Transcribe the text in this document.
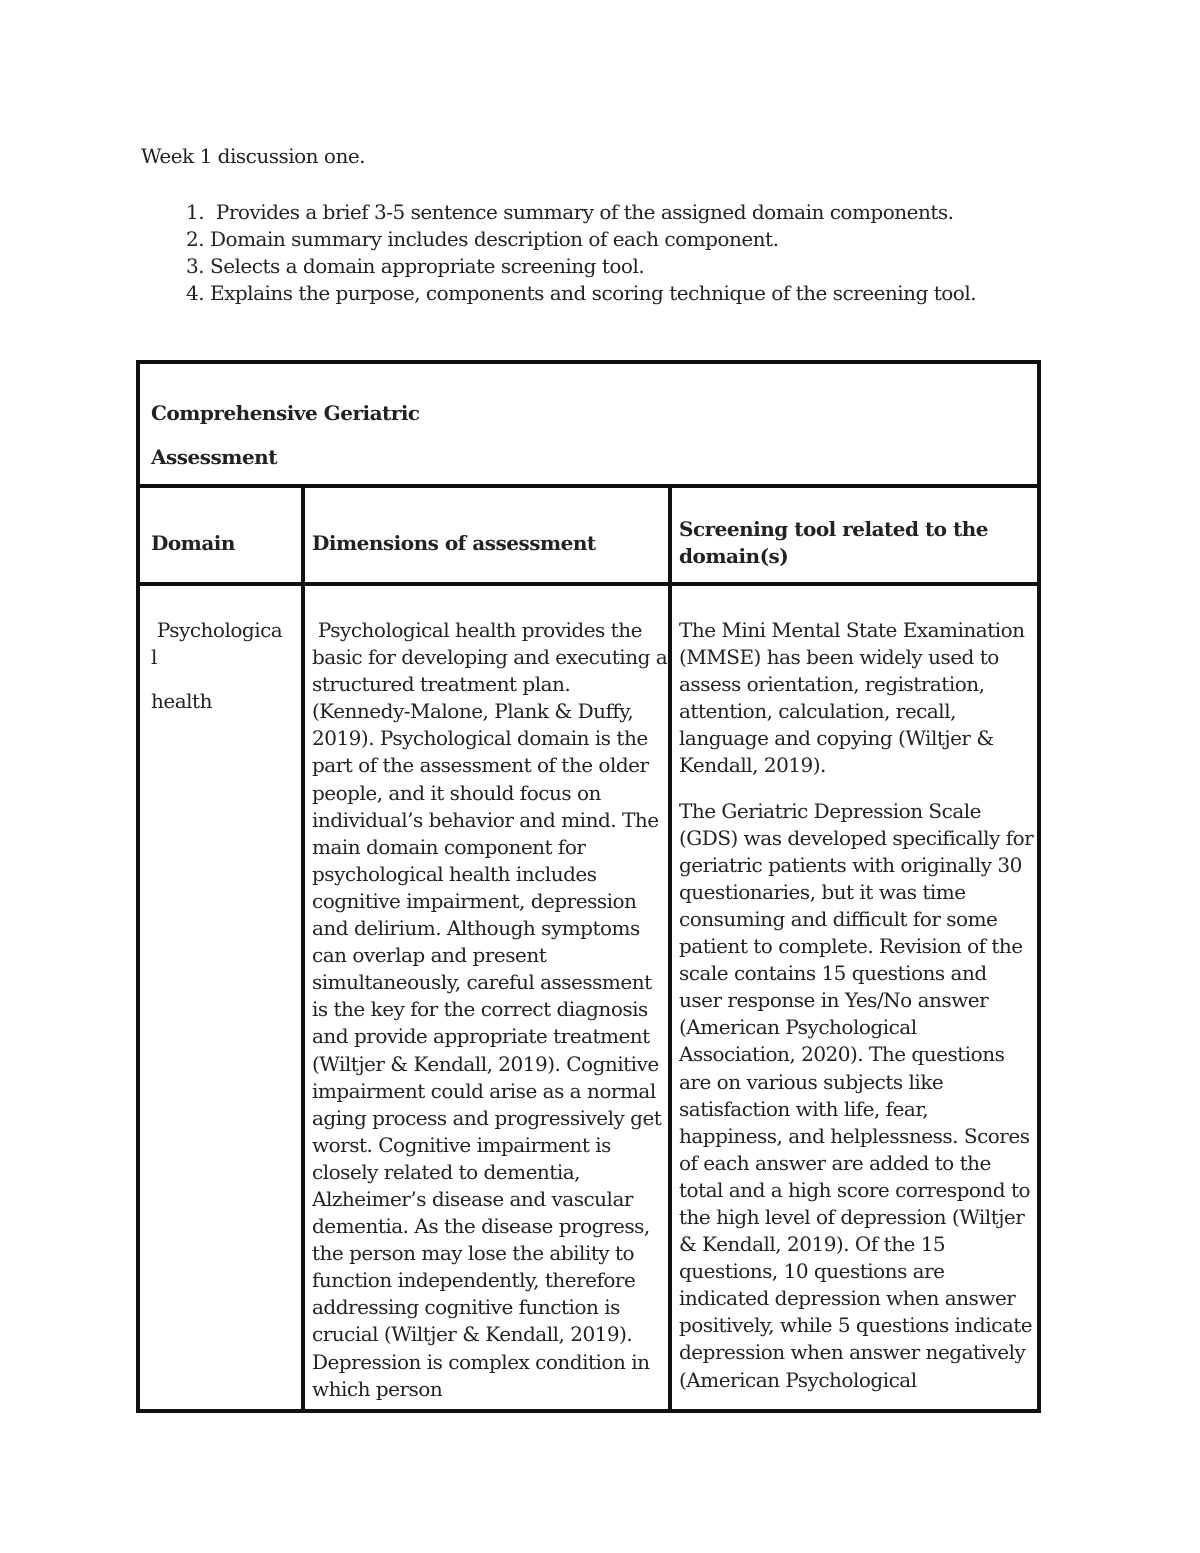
Week 1 discussion one.
1. Provides a brief 3-5 sentence summary of the assigned domain components.
2. Domain summary includes description of each component.
3. Selects a domain appropriate screening tool.
4. Explains the purpose, components and scoring technique of the screening tool.
Comprehensive Geriatric
Assessment
Domain	Dimensions of assessment
Screening tool related to the domain(s)
Psychologica
l
health

Psychological health provides the basic for developing and executing a structured treatment plan. (Kennedy-Malone, Plank & Duffy, 2019). Psychological domain is the part of the assessment of the older people, and it should focus on individual’s behavior and mind. The main domain component for psychological health includes cognitive impairment, depression and delirium. Although symptoms can overlap and present simultaneously, careful assessment is the key for the correct diagnosis and provide appropriate treatment (Wiltjer & Kendall, 2019). Cognitive impairment could arise as a normal aging process and progressively get worst. Cognitive impairment is closely related to dementia, Alzheimer’s disease and vascular dementia. As the disease progress, the person may lose the ability to function independently, therefore addressing cognitive function is crucial (Wiltjer & Kendall, 2019). Depression is complex condition in which person

The Mini Mental State Examination (MMSE) has been widely used to assess orientation, registration, attention, calculation, recall, language and copying (Wiltjer & Kendall, 2019).

The Geriatric Depression Scale (GDS) was developed specifically for geriatric patients with originally 30 questionaries, but it was time consuming and difficult for some patient to complete. Revision of the scale contains 15 questions and user response in Yes/No answer (American Psychological Association, 2020). The questions are on various subjects like satisfaction with life, fear, happiness, and helplessness. Scores of each answer are added to the total and a high score correspond to the high level of depression (Wiltjer & Kendall, 2019). Of the 15 questions, 10 questions are indicated depression when answer positively, while 5 questions indicate depression when answer negatively (American Psychological
